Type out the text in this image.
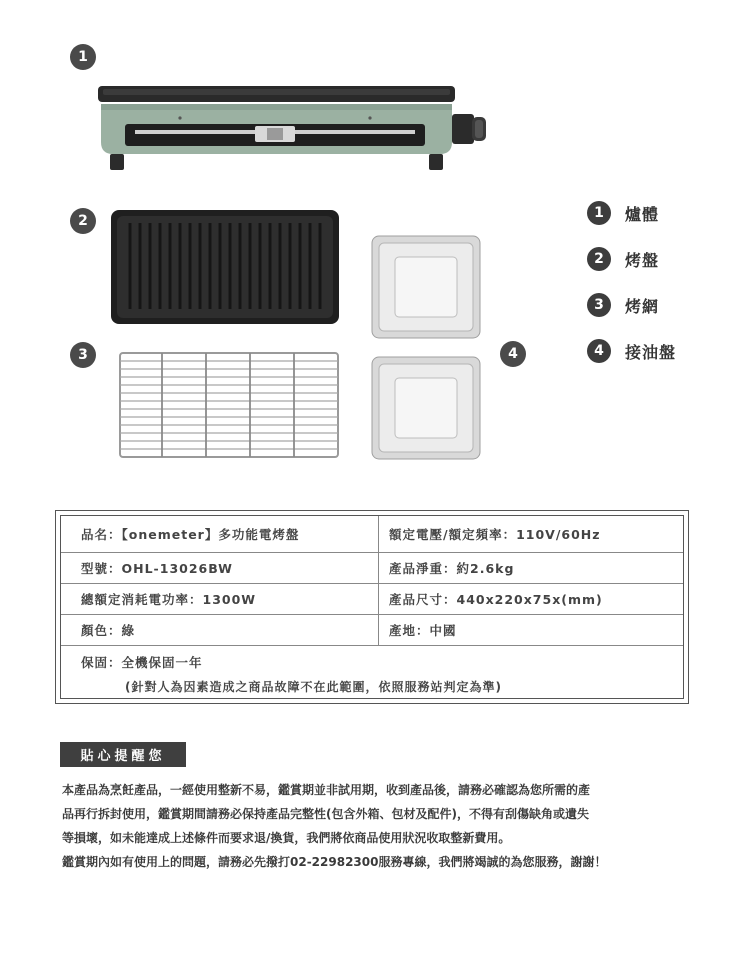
1
2
3	4
1	爐體
2	烤盤
3	烤網
4	接油盤
品名：【onemeter】多功能電烤盤	額定電壓/額定頻率：110V/60Hz
型號：OHL-13026BW	產品淨重：約2.6kg
總額定消耗電功率：1300W	產品尺寸：440x220x75x(mm)
顏色：綠	產地：中國
保固：全機保固一年
(針對人為因素造成之商品故障不在此範圍，依照服務站判定為準)
貼心提醒您

本產品為烹飪產品，一經使用整新不易，鑑賞期並非試用期，收到產品後，請務必確認為您所需的產

品再行拆封使用，鑑賞期間請務必保持產品完整性(包含外箱、包材及配件)，不得有刮傷缺角或遺失

等損壞，如未能達成上述條件而要求退/換貨，我們將依商品使用狀況收取整新費用。

鑑賞期內如有使用上的問題，請務必先撥打02-22982300服務專線，我們將竭誠的為您服務，謝謝！
